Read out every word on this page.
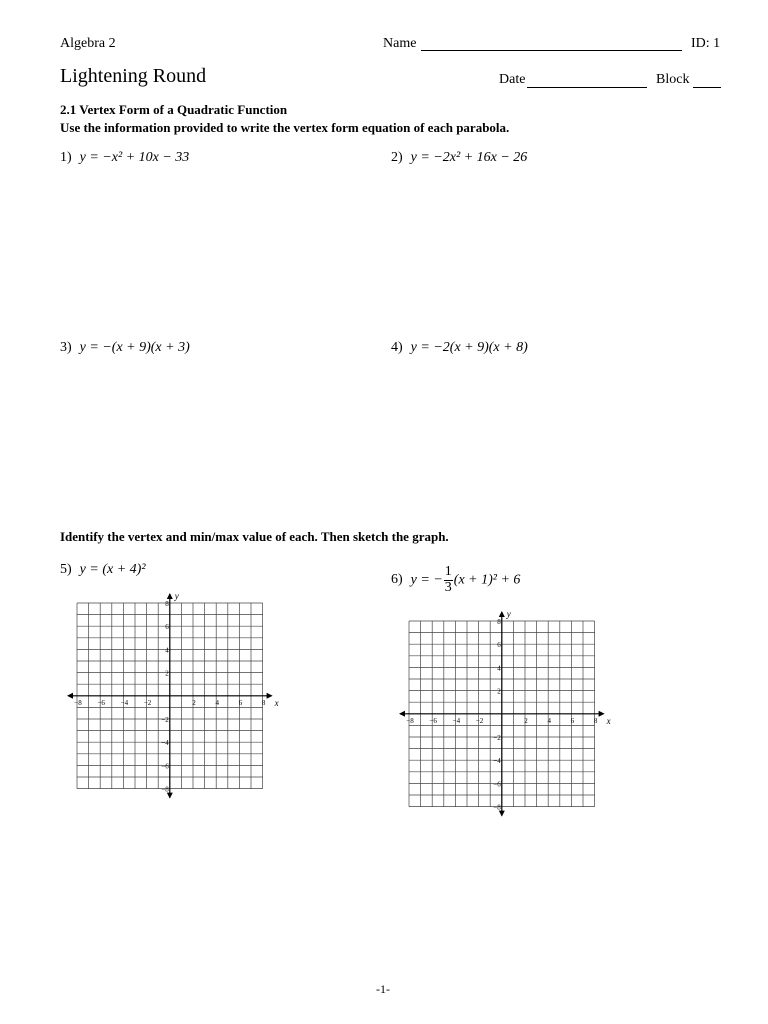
Algebra 2	Name	ID: 1
Lightening Round	Date	Block
2.1 Vertex Form of a Quadratic Function
Use the information provided to write the vertex form equation of each parabola.
1) y = −x² + 10x − 33	2) y = −2x² + 16x − 26
3) y = −(x + 9)(x + 3)	4) y = −2(x + 9)(x + 8)
Identify the vertex and min/max value of each. Then sketch the graph.
5) y = (x + 4)²
6) y = − $\frac{1}{3} (x + 1)^2 + 6$
x
y
−8 −6 −4 −2	2	4	6	8
8
6
4
2
−2
−4
−6
−8
x
y
−8 −6 −4 −2	2	4	6	8
8
6
4
2
−2
−4
−6
−8
-1-
